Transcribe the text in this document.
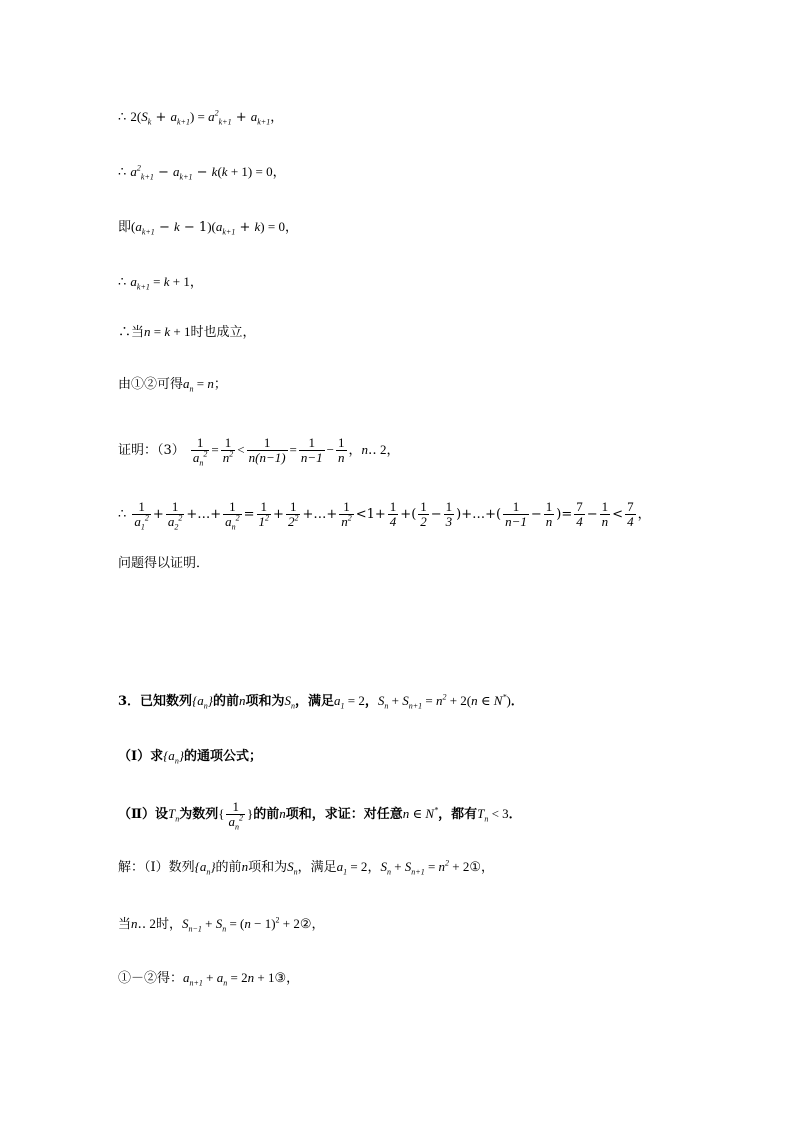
∴ $2(S_k + a_{k+1}) = a^2_{k+1} + a_{k+1}$，
∴ $a^2_{k+1} - a_{k+1} - k(k + 1) = 0$，
即$(a_{k+1} - k - 1)(a_{k+1} + k) = 0$，
∴ $a_{k+1} = k + 1$，
∴当n = k + 1时也成立，
由①②可得$a_n = n$；
证明：$(3) \frac{1}{a_n^2} = \frac{1}{n^2} < \frac{1}{n(n-1)} = \frac{1}{n-1} - \frac{1}{n}$ ，n‥ 2，
∴ $\frac{1}{a_1^2} + \frac{1}{a_2^2}$ +…+ $\frac{1}{a_n^2} = \frac{1}{1^2} + \frac{1}{2^2}$ +…+ $\frac{1}{n^2} <1+ \frac{1}{4}$ +( $\frac{1}{2} - \frac{1}{3}$ )+…+( $\frac{1}{n-1} - \frac{1}{n}$ )= $\frac{7}{4} - \frac{1}{n} < \frac{7}{4}$ ，
问题得以证明．
3．已知数列$\{a_n\}$的前n项和为$S_n$，满足$a_1 = 2$，$S_n + S_{n+1} = n^2 + 2(n$ ∈ N*)．
（Ⅰ）求$\{a_n\}$的通项公式；
（Ⅱ）设$T_n$为数列{ $\frac{1}{a_n^2}$ }的前n项和，求证：对任意n ∈ N*，都有$T_n < 3$．
解：（Ⅰ）数列$\{a_n\}$的前n项和为$S_n$，满足$a_1 = 2$，$S_n + S_{n+1} = n^2$ + 2①，
当n‥ 2时，$S_{n-1} + S_n = (n - 1)^2$ + 2②，
①－②得：$a_{n+1} + a_n = 2n$ + 1③，
